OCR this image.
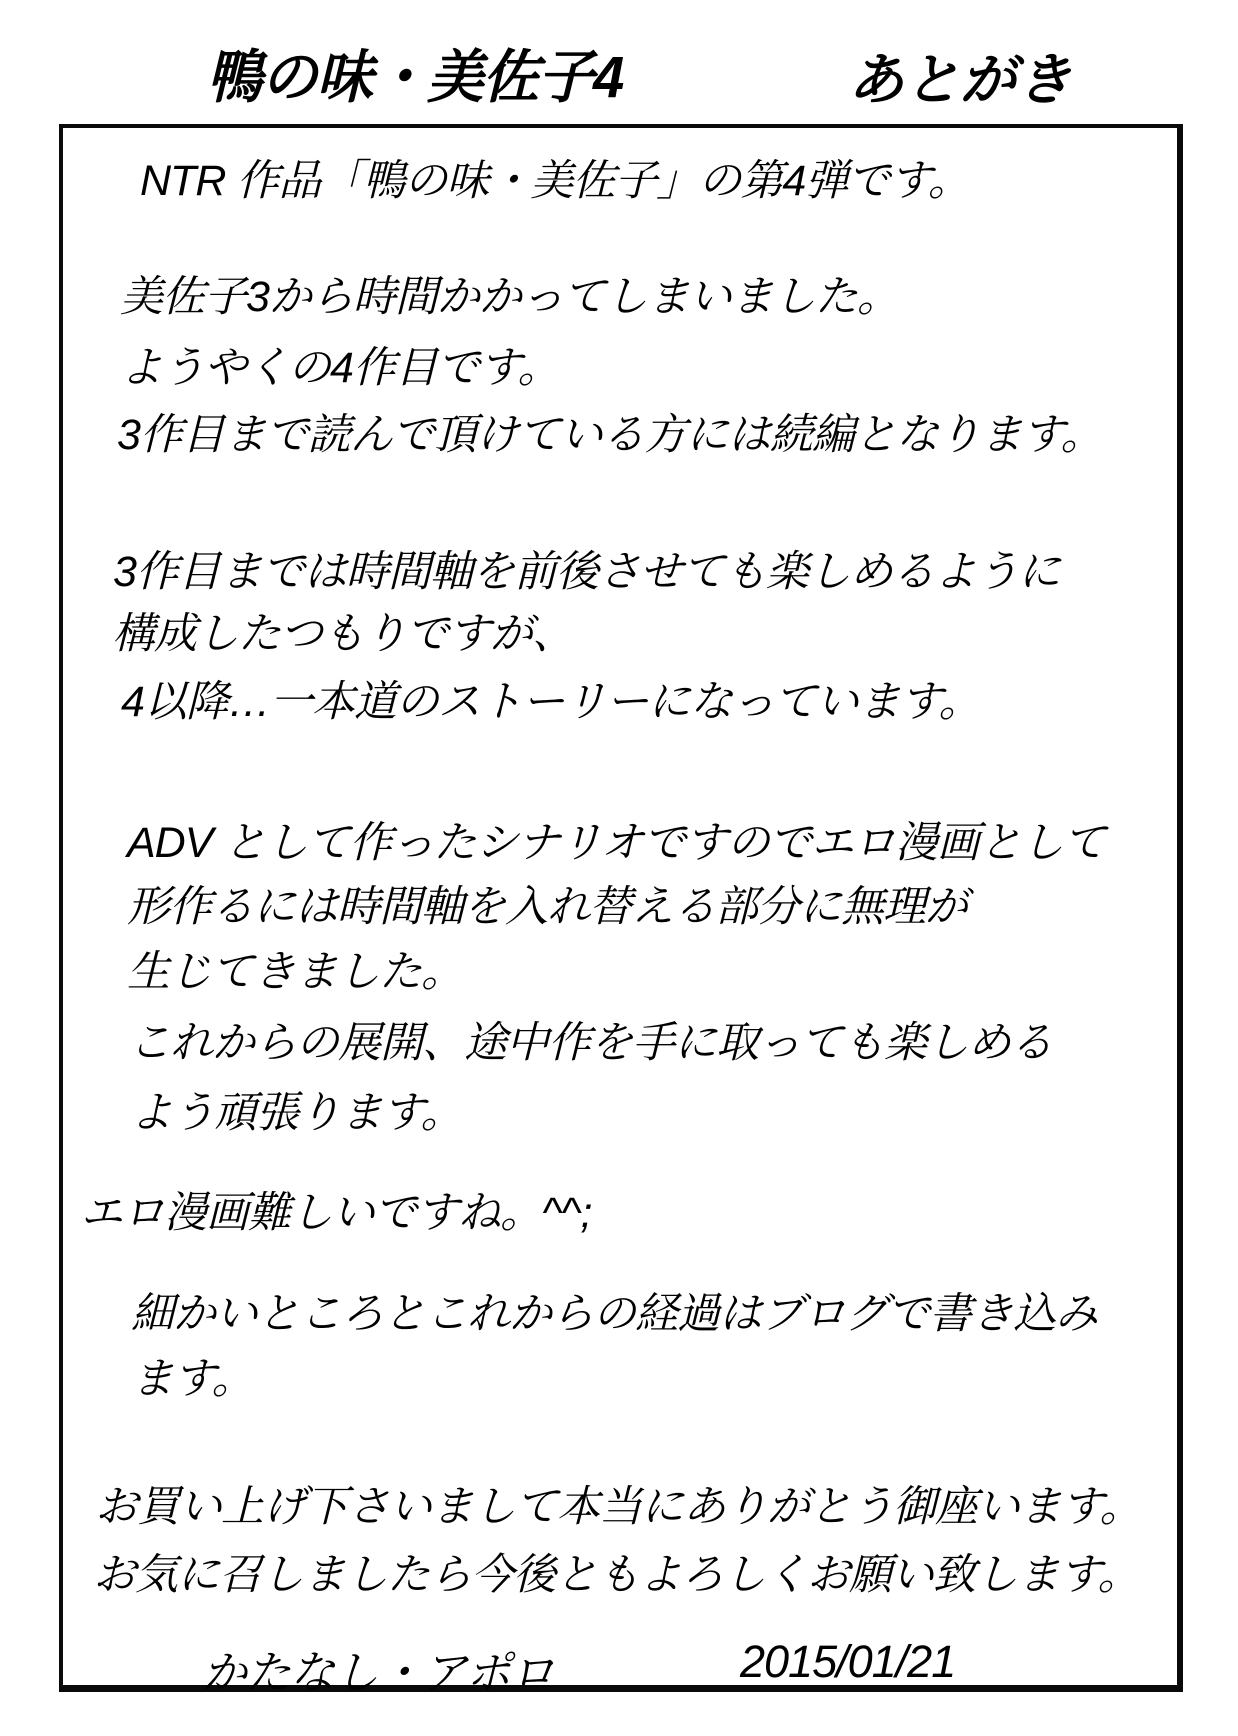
鴨の味・美佐子4	あとがき
NTR 作品「鴨の味・美佐子」の第4弾です。
美佐子3から時間かかってしまいました。
ようやくの4作目です。
3作目まで読んで頂けている方には続編となります。
3作目までは時間軸を前後させても楽しめるように
構成したつもりですが、
4以降…一本道のストーリーになっています。
ADV として作ったシナリオですのでエロ漫画として
形作るには時間軸を入れ替える部分に無理が
生じてきました。
これからの展開、途中作を手に取っても楽しめる
よう頑張ります。
エロ漫画難しいですね。^^;
細かいところとこれからの経過はブログで書き込み
ます。
お買い上げ下さいまして本当にありがとう御座います。
お気に召しましたら今後ともよろしくお願い致します。
かたなし・アポロ	2015/01/21
